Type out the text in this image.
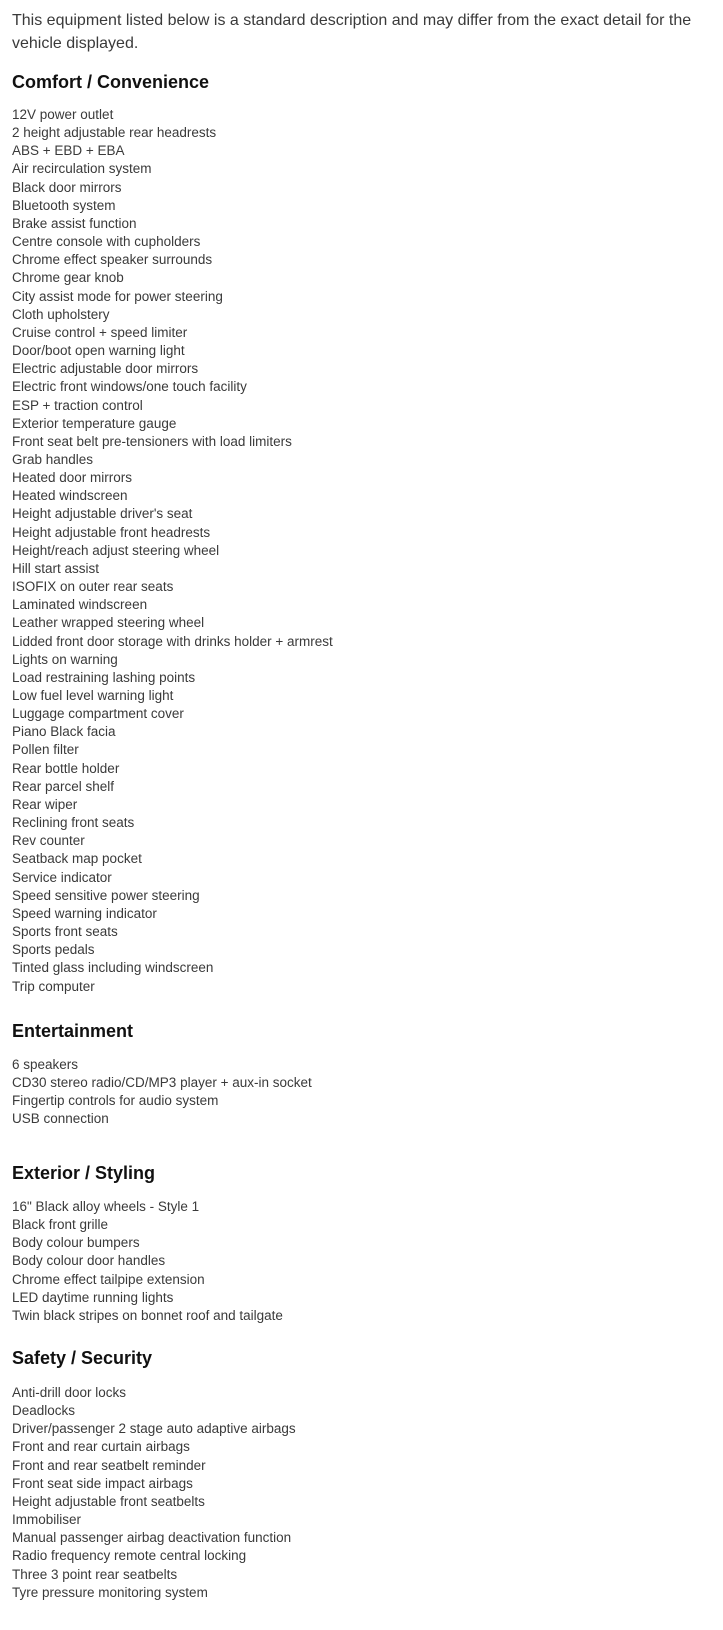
This equipment listed below is a standard description and may differ from the exact detail for the vehicle displayed.

Comfort / Convenience
12V power outlet
2 height adjustable rear headrests
ABS + EBD + EBA
Air recirculation system
Black door mirrors
Bluetooth system
Brake assist function
Centre console with cupholders
Chrome effect speaker surrounds
Chrome gear knob
City assist mode for power steering
Cloth upholstery
Cruise control + speed limiter
Door/boot open warning light
Electric adjustable door mirrors
Electric front windows/one touch facility
ESP + traction control
Exterior temperature gauge
Front seat belt pre-tensioners with load limiters
Grab handles
Heated door mirrors
Heated windscreen
Height adjustable driver's seat
Height adjustable front headrests
Height/reach adjust steering wheel
Hill start assist
ISOFIX on outer rear seats
Laminated windscreen
Leather wrapped steering wheel
Lidded front door storage with drinks holder + armrest
Lights on warning
Load restraining lashing points
Low fuel level warning light
Luggage compartment cover
Piano Black facia
Pollen filter
Rear bottle holder
Rear parcel shelf
Rear wiper
Reclining front seats
Rev counter
Seatback map pocket
Service indicator
Speed sensitive power steering
Speed warning indicator
Sports front seats
Sports pedals
Tinted glass including windscreen
Trip computer
Entertainment
6 speakers
CD30 stereo radio/CD/MP3 player + aux-in socket
Fingertip controls for audio system
USB connection
Exterior / Styling
16" Black alloy wheels - Style 1
Black front grille
Body colour bumpers
Body colour door handles
Chrome effect tailpipe extension
LED daytime running lights
Twin black stripes on bonnet roof and tailgate
Safety / Security
Anti-drill door locks
Deadlocks
Driver/passenger 2 stage auto adaptive airbags
Front and rear curtain airbags
Front and rear seatbelt reminder
Front seat side impact airbags
Height adjustable front seatbelts
Immobiliser
Manual passenger airbag deactivation function
Radio frequency remote central locking
Three 3 point rear seatbelts
Tyre pressure monitoring system
